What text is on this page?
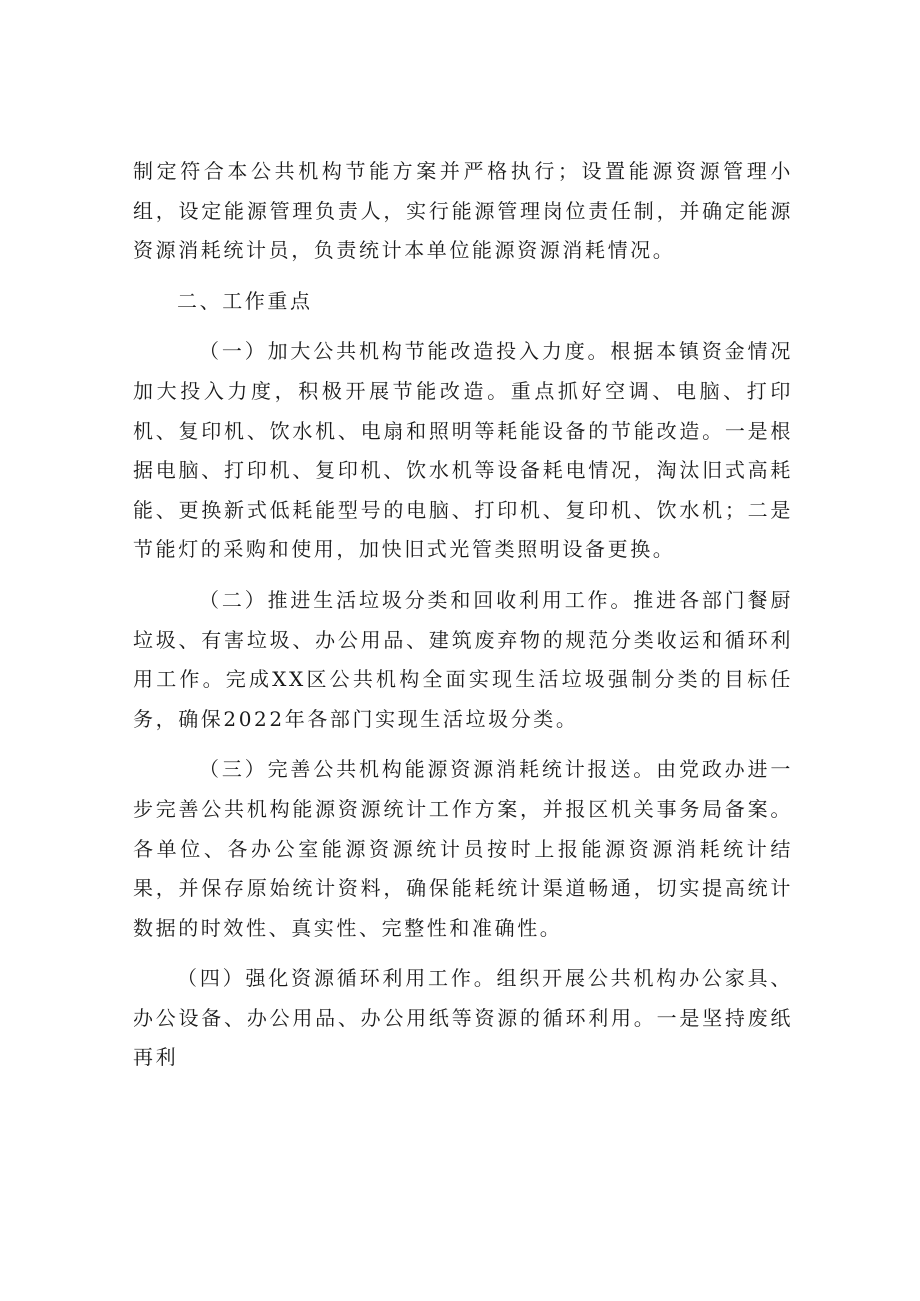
制定符合本公共机构节能方案并严格执行；设置能源资源管理小组，设定能源管理负责人，实行能源管理岗位责任制，并确定能源资源消耗统计员，负责统计本单位能源资源消耗情况。

二、工作重点

（一）加大公共机构节能改造投入力度。根据本镇资金情况加大投入力度，积极开展节能改造。重点抓好空调、电脑、打印机、复印机、饮水机、电扇和照明等耗能设备的节能改造。一是根据电脑、打印机、复印机、饮水机等设备耗电情况，淘汰旧式高耗能、更换新式低耗能型号的电脑、打印机、复印机、饮水机；二是节能灯的采购和使用，加快旧式光管类照明设备更换。

（二）推进生活垃圾分类和回收利用工作。推进各部门餐厨垃圾、有害垃圾、办公用品、建筑废弃物的规范分类收运和循环利用工作。完成XX区公共机构全面实现生活垃圾强制分类的目标任务，确保2022年各部门实现生活垃圾分类。

（三）完善公共机构能源资源消耗统计报送。由党政办进一步完善公共机构能源资源统计工作方案，并报区机关事务局备案。各单位、各办公室能源资源统计员按时上报能源资源消耗统计结果，并保存原始统计资料，确保能耗统计渠道畅通，切实提高统计数据的时效性、真实性、完整性和准确性。

（四）强化资源循环利用工作。组织开展公共机构办公家具、办公设备、办公用品、办公用纸等资源的循环利用。一是坚持废纸再利
